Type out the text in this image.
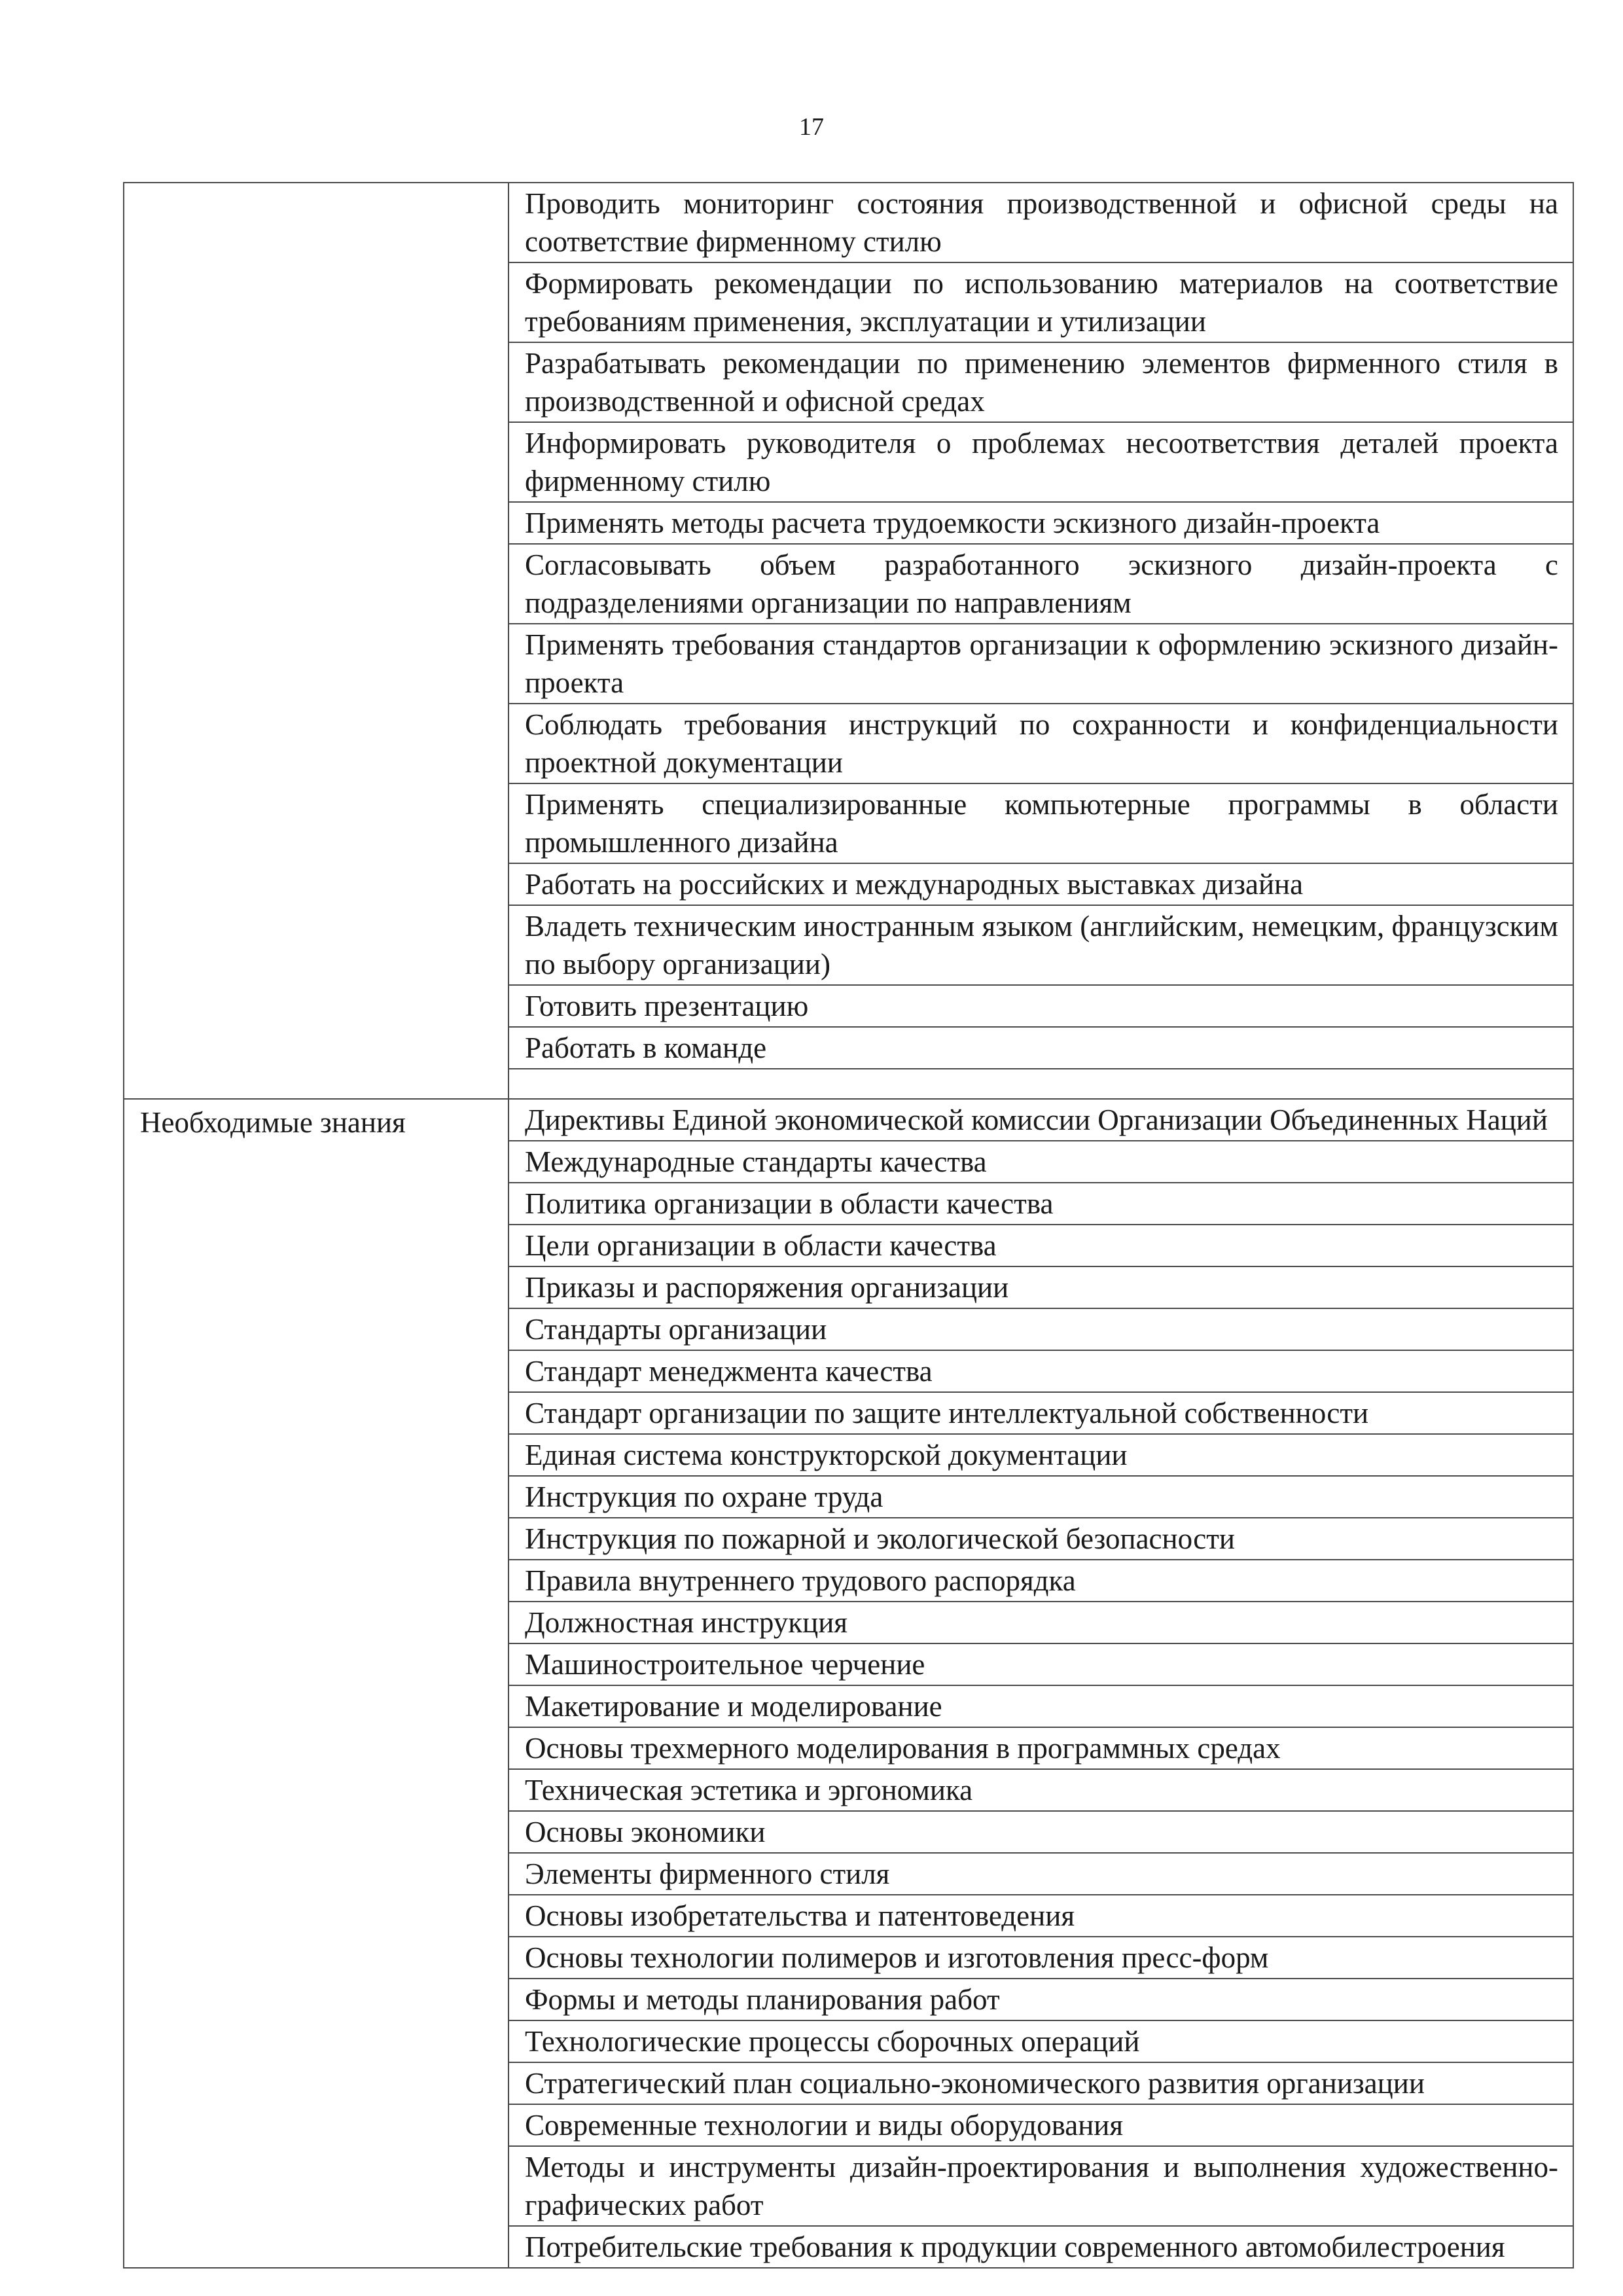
17
	Проводить мониторинг состояния производственной и офисной среды на соответствие фирменному стилю
	Формировать рекомендации по использованию материалов на соответствие требованиям применения, эксплуатации и утилизации
	Разрабатывать рекомендации по применению элементов фирменного стиля в производственной и офисной средах
	Информировать руководителя о проблемах несоответствия деталей проекта фирменному стилю
	Применять методы расчета трудоемкости эскизного дизайн-проекта
	Согласовывать объем разработанного эскизного дизайн-проекта с подразделениями организации по направлениям
	Применять требования стандартов организации к оформлению эскизного дизайн-проекта
	Соблюдать требования инструкций по сохранности и конфиденциальности проектной документации
	Применять специализированные компьютерные программы в области промышленного дизайна
	Работать на российских и международных выставках дизайна
	Владеть техническим иностранным языком (английским, немецким, французским по выбору организации)
	Готовить презентацию
	Работать в команде

Необходимые знания	Директивы Единой экономической комиссии Организации Объединенных Наций
	Международные стандарты качества
	Политика организации в области качества
	Цели организации в области качества
	Приказы и распоряжения организации
	Стандарты организации
	Стандарт менеджмента качества
	Стандарт организации по защите интеллектуальной собственности
	Единая система конструкторской документации
	Инструкция по охране труда
	Инструкция по пожарной и экологической безопасности
	Правила внутреннего трудового распорядка
	Должностная инструкция
	Машиностроительное черчение
	Макетирование и моделирование
	Основы трехмерного моделирования в программных средах
	Техническая эстетика и эргономика
	Основы экономики
	Элементы фирменного стиля
	Основы изобретательства и патентоведения
	Основы технологии полимеров и изготовления пресс-форм
	Формы и методы планирования работ
	Технологические процессы сборочных операций
	Стратегический план социально-экономического развития организации
	Современные технологии и виды оборудования
	Методы и инструменты дизайн-проектирования и выполнения художественно-графических работ
	Потребительские требования к продукции современного автомобилестроения
